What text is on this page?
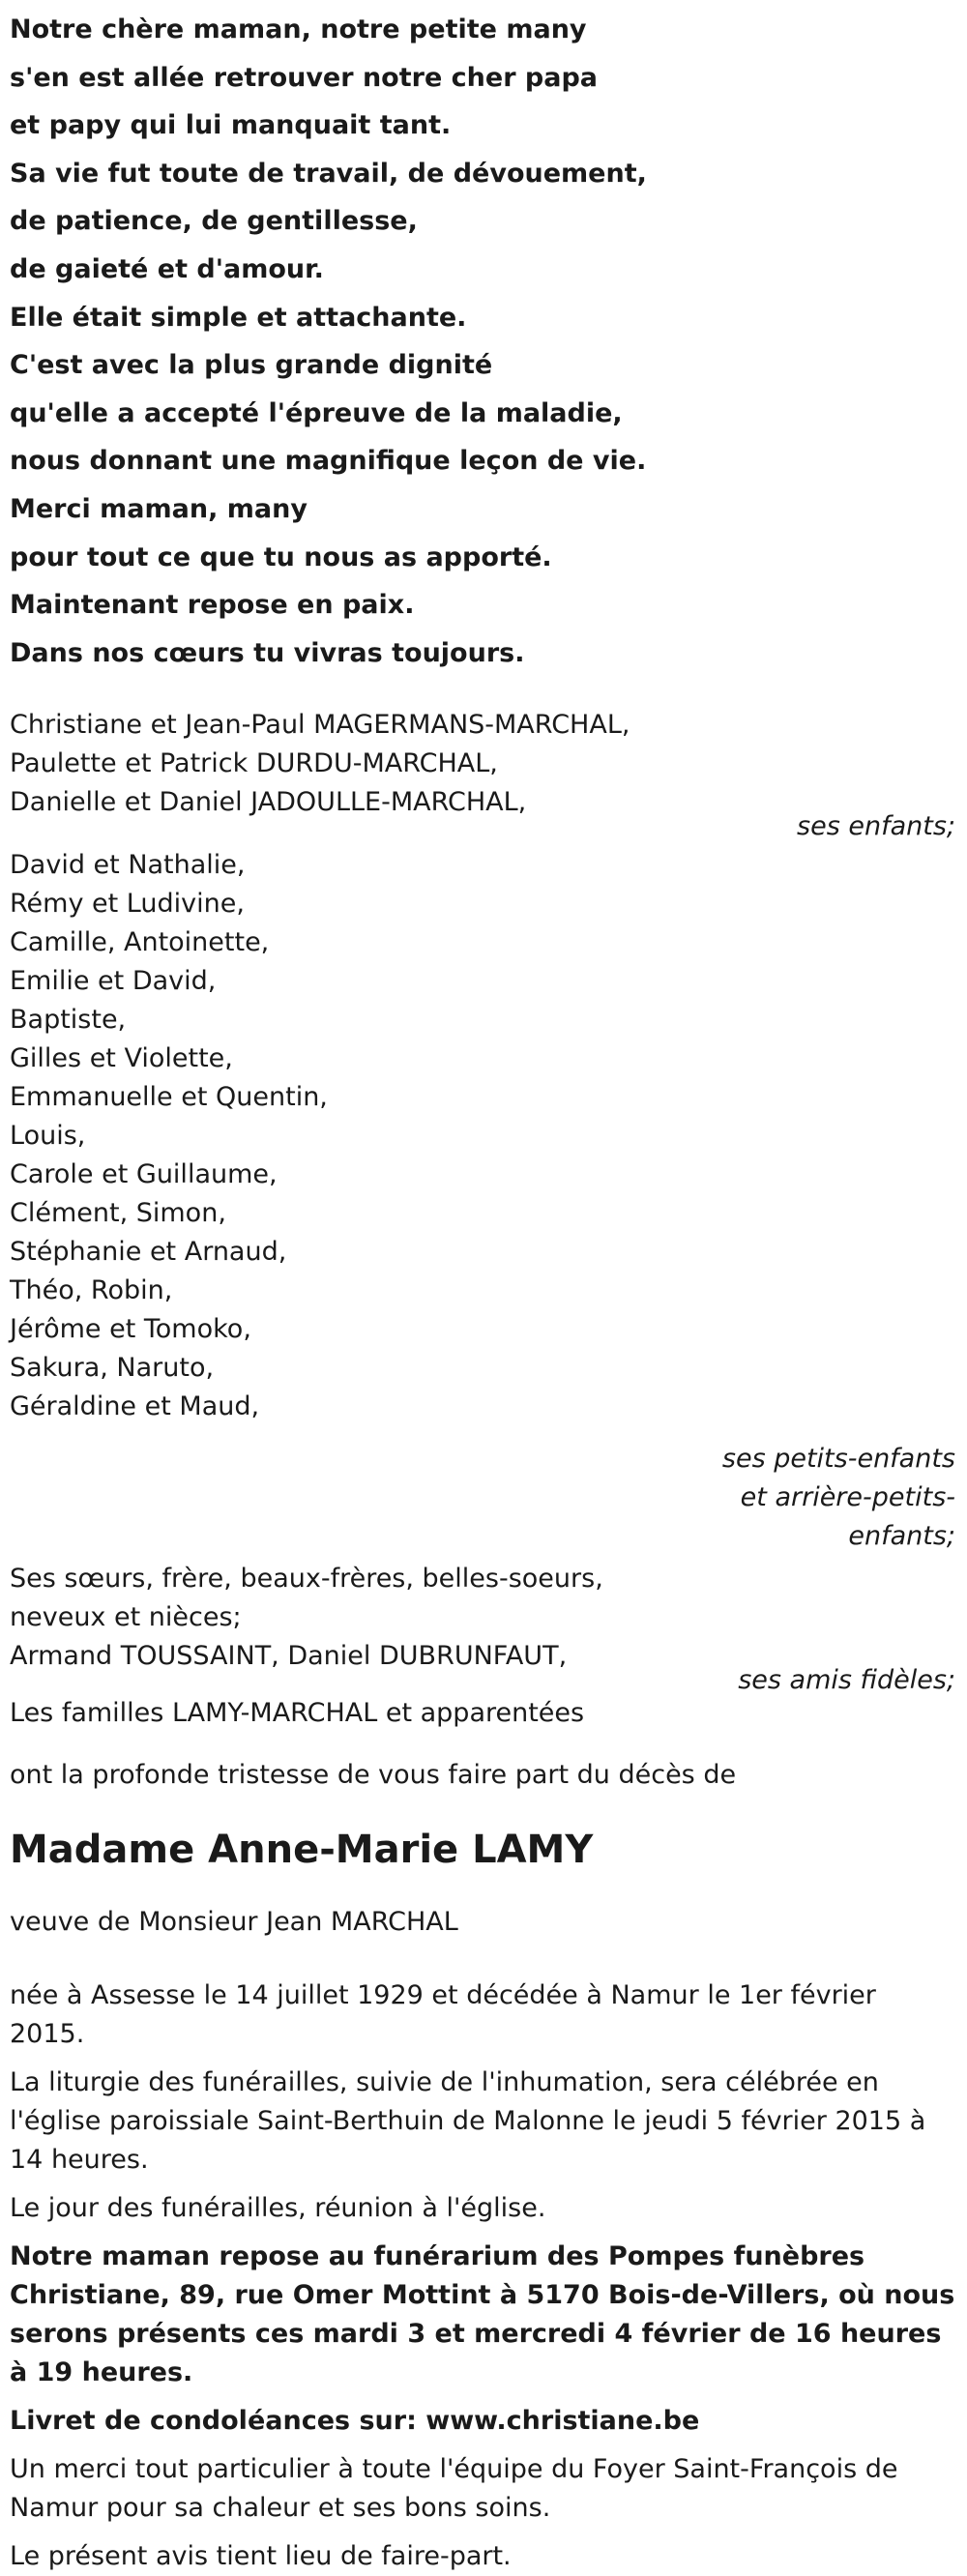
Notre chère maman, notre petite many
s'en est allée retrouver notre cher papa
et papy qui lui manquait tant.
Sa vie fut toute de travail, de dévouement,
de patience, de gentillesse,
de gaieté et d'amour.
Elle était simple et attachante.
C'est avec la plus grande dignité
qu'elle a accepté l'épreuve de la maladie,
nous donnant une magnifique leçon de vie.
Merci maman, many
pour tout ce que tu nous as apporté.
Maintenant repose en paix.
Dans nos cœurs tu vivras toujours.
Christiane et Jean-Paul MAGERMANS-MARCHAL,
Paulette et Patrick DURDU-MARCHAL,
Danielle et Daniel JADOULLE-MARCHAL,
ses enfants;
David et Nathalie,
Rémy et Ludivine,
Camille, Antoinette,
Emilie et David,
Baptiste,
Gilles et Violette,
Emmanuelle et Quentin,
Louis,
Carole et Guillaume,
Clément, Simon,
Stéphanie et Arnaud,
Théo, Robin,
Jérôme et Tomoko,
Sakura, Naruto,
Géraldine et Maud,
ses petits-enfants
et arrière-petits-
enfants;
Ses sœurs, frère, beaux-frères, belles-soeurs,
neveux et nièces;
Armand TOUSSAINT, Daniel DUBRUNFAUT,
ses amis fidèles;
Les familles LAMY-MARCHAL et apparentées
ont la profonde tristesse de vous faire part du décès de
Madame Anne-Marie LAMY
veuve de Monsieur Jean MARCHAL
née à Assesse le 14 juillet 1929 et décédée à Namur le 1er février 2015.
La liturgie des funérailles, suivie de l'inhumation, sera célébrée en l'église paroissiale Saint-Berthuin de Malonne le jeudi 5 février 2015 à 14 heures.
Le jour des funérailles, réunion à l'église.
Notre maman repose au funérarium des Pompes funèbres Christiane, 89, rue Omer Mottint à 5170 Bois-de-Villers, où nous serons présents ces mardi 3 et mercredi 4 février de 16 heures à 19 heures.
Livret de condoléances sur: www.christiane.be
Un merci tout particulier à toute l'équipe du Foyer Saint-François de Namur pour sa chaleur et ses bons soins.
Le présent avis tient lieu de faire-part.
